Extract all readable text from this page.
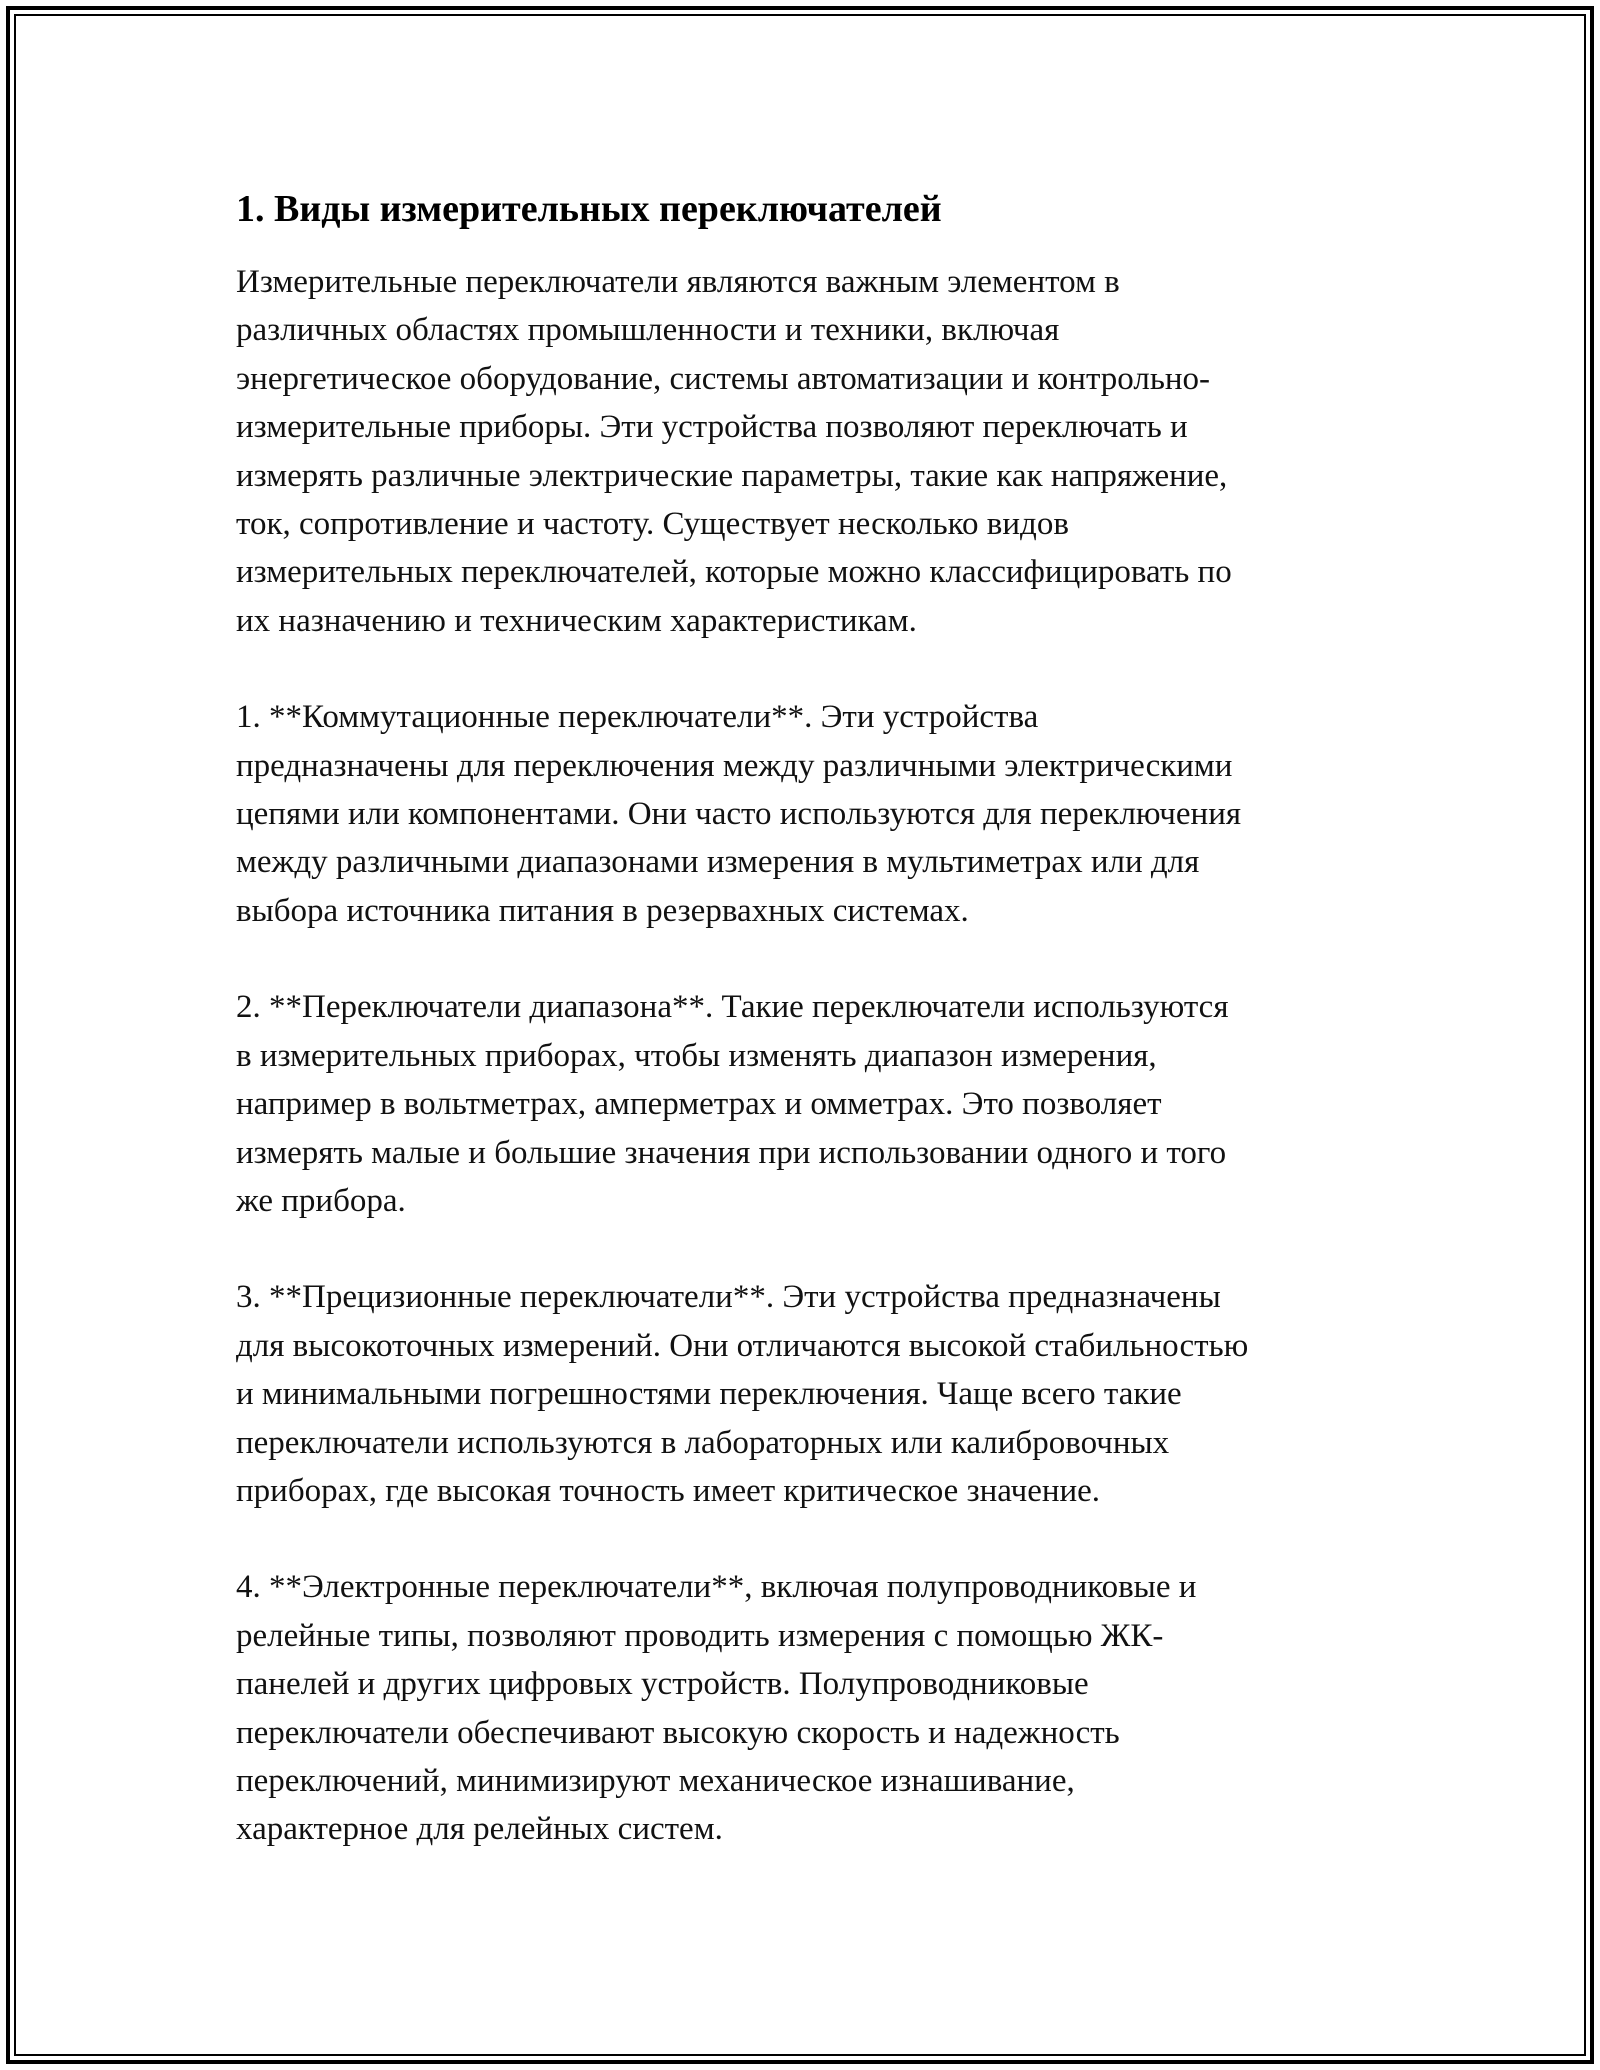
1. Виды измерительных переключателей

Измерительные переключатели являются важным элементом в
различных областях промышленности и техники, включая
энергетическое оборудование, системы автоматизации и контрольно-
измерительные приборы. Эти устройства позволяют переключать и
измерять различные электрические параметры, такие как напряжение,
ток, сопротивление и частоту. Существует несколько видов
измерительных переключателей, которые можно классифицировать по
их назначению и техническим характеристикам.

1. **Коммутационные переключатели**. Эти устройства
предназначены для переключения между различными электрическими
цепями или компонентами. Они часто используются для переключения
между различными диапазонами измерения в мультиметрах или для
выбора источника питания в резервахных системах.

2. **Переключатели диапазона**. Такие переключатели используются
в измерительных приборах, чтобы изменять диапазон измерения,
например в вольтметрах, амперметрах и омметрах. Это позволяет
измерять малые и большие значения при использовании одного и того
же прибора.

3. **Прецизионные переключатели**. Эти устройства предназначены
для высокоточных измерений. Они отличаются высокой стабильностью
и минимальными погрешностями переключения. Чаще всего такие
переключатели используются в лабораторных или калибровочных
приборах, где высокая точность имеет критическое значение.

4. **Электронные переключатели**, включая полупроводниковые и
релейные типы, позволяют проводить измерения с помощью ЖК-
панелей и других цифровых устройств. Полупроводниковые
переключатели обеспечивают высокую скорость и надежность
переключений, минимизируют механическое изнашивание,
характерное для релейных систем.
